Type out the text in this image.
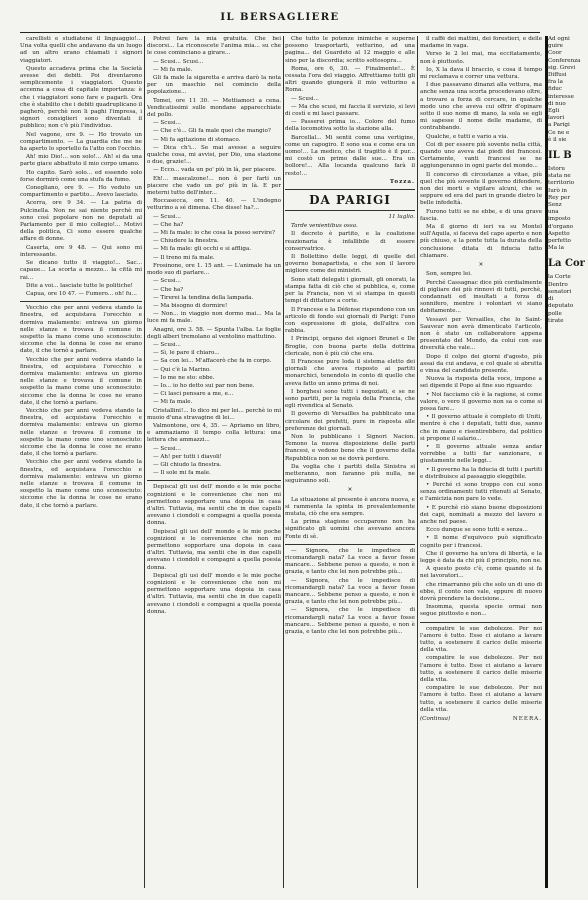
IL BERSAGLIERE

carellisti e studiatene il linguaggio!... Una volta quelli che andavano da un luogo ad un altro erano chiamati i signori viaggiatori.

Questo accadeva prima che la Società avesse dei debiti. Poi diventarono semplicemente i viaggiatori. Questo accenna a cosa di capitale importanza: è che i viaggiatori sono fare e pagarli. Ora che è stabilito che i debiti quadruplicano il pagherò, perchè non li paghi l'impresa, i signori consiglieri sono diventati il pubblico; non c'è più l'individuo.

Nel vagone, ore 9. — Ho trovato un compartimento. — La guardia che me ne ha aperto lo sportello fa l'atto con l'occhio.

Ah! mio Dio!... son solo!... Ah! si da una parte giace abbattuto il mio corpo umano.

Ho capito. Sarò solo... ed essendo solo forse dormirò come una stufa da fumo.

Conegliano, ore 9. — Ho veduto un compartimento e partito... Avevo lasciato.

Acerra, ore 9 34. — La patria di Pulcinella. Non ne sai niente perchè mi sono così popolare non ne deputati al Parlamento per il mio collegio!... Motivi della politica, Ci sono essere qualche affare di donne.

Caserta, ore 9 48. — Qui sono mi interessante.

Se dicano tutto il viaggio!... Sac... capaue... La scorta a mezzo... la città mi rai...

Dite a voi... lasciate tutte le politiche!

Capua, ore 10 47. — Fumero... oh! fu...

Vecchio che per anni vedeva stando la finestra, ed acquistava l'orecchio e dormiva malamente: entrava un giorno nelle stanze e trovava il comune in sospetto la mano come uno sconosciuto: siccome che la donna le cose ne erano date, il che tornò a parlare.

Vecchio che per anni vedeva stando la finestra, ed acquistava l'orecchio e dormiva malamente: entrava un giorno nelle stanze e trovava il comune in sospetto la mano come uno sconosciuto: siccome che la donna le cose ne erano date, il che tornò a parlare.

Vecchio che per anni vedeva stando la finestra, ed acquistava l'orecchio e dormiva malamente: entrava un giorno nelle stanze e trovava il comune in sospetto la mano come uno sconosciuto: siccome che la donna le cose ne erano date, il che tornò a parlare.

Vecchio che per anni vedeva stando la finestra, ed acquistava l'orecchio e dormiva malamente: entrava un giorno nelle stanze e trovava il comune in sospetto la mano come uno sconosciuto: siccome che la donna le cose ne erano date, il che tornò a parlare.

Potrei fare la mia gratuita. Che bei discorsi... La riconoscete l'anima mia... su che le cose cominciano a girare...

— Scusi... Scusi...

— Mi fa male.

Gli fa male la sigaretta e arriva darò la nota per un maschio nel comincio della popolazione...

Tomei, ore 11 30. — Mettiamoci a cena. Vendicatissimi sulle mondane apparecchiate del pollo.

— Scusi...

— Che c'è... Gli fa male quei che mangio?

— Mi fa agitazione di stomaco.

— Dica ch'i... Se mai avesse a seguire qualche cosa, mi avvisi, per Dio, una stazione o due, grazie!...

— Ecco... vada un po' più in là, per piacere.

Eh!... mascalzone!... non è per farti un piacere che vado un po' più in là. E per meterni tutto dell'inter...

Roccasecca, ore 11. 40. — L'indegno vetturino a sé dimena. Che disse! ha?...

— Scusi...

— Che ha?

— Mi fa male: io che cosa la posso servire?

— Chiudere la finestra.

— Mi fa male: gli occhi e si affliga.

— Il treno mi fa male.

Frosinone, ore 1. 15 ant. — L'animale ha un modo suo di parlare...

— Scusi...

— Che ha?

— Tirerei la tendina della lampada.

— Ma bisogno di dormire!

— Non... in viaggio non dormo mai... Ma la luce mi fa male.

Anagni, ore 3. 58. — Spunta l'alba. Le foglie degli alberi tremolano al ventolino mattutino.

— Scusi...

— Sì, le pare il chiaro...

— Sa con lei... M'affacerò che fa in corpo.

— Qui c'è la Marino.

— Io me ne sto: ebbe.

— Io... io ho detto sui par non bene.

— Ci lasci pensare a me, e...

— Mi fa male.

Cristallini!... Io dico mi per lei... perchè io mi muoio d'una stravagine di lei...

Valmontone, ore 4, 35. — Apriamo un libro, e ammaziamo il tempo colla lettura: una lettera che ammazzi...

— Scusi...

— Ah! per tutti i diavoli!

— Gli chiudo la finestra.

— Il sole mi fa male.

Depiscal gli usi dell' mondo e le mie poche cognizioni e le convenienze che non mi permettono sopportare una dopoia in casa d'altri. Tuttavia, ma sentii che in due capelli avevano i ciondoli e compagni a quella poesia donna.

Depiscal gli usi dell' mondo e le mie poche cognizioni e le convenienze che non mi permettono sopportare una dopoia in casa d'altri. Tuttavia, ma sentii che in due capelli avevano i ciondoli e compagni a quella poesia donna.

Depiscal gli usi dell' mondo e le mie poche cognizioni e le convenienze che non mi permettono sopportare una dopoia in casa d'altri. Tuttavia, ma sentii che in due capelli avevano i ciondoli e compagni a quella poesia donna.

Che tutto le potenze inimiche e superne possono trasportarti, vetturino, ad una pagina... del Guardeto al 12 maggio e alle sino per la discordia; scritto sottosopra...

Roma, ore 6, 30. — Finalmente!... È cessata l'ora del viaggio. Affrettiamo tutti gli altri quando giungerà il mio vetturino a Roma.

— Scusi...

— Ma che scusi, mi faccia il servizio, si levi di costì e mi lasci passare.

— Passerei prima io... Colore del fumo della locomotiva sotto la stazione alla.

Barcellal... Mi sentii come una vertigine, come un capogiro. E sono sua e come era un uomo!... La medico, che il tragitto è il pur... mi costò un primo dalle sue... Era un bollore!... Alla locanda qualcuno farà il resto!...

Tozza.
DA PARIGI
11 luglio.

Tarde venientibus ossa.

Il decreto è partito, e la coalizione reazionaria è infallibile di essere conservatrice.

Il Bollettino delle leggi, di quelle del governo bonapartista, e che son il lavoro migliore come dei ministri.

Sono stati delegati i giornali, gli onorati, la stampa fatta di ciò che si pubblica, e, come per la Francia, non vi si stampa in questi tempi di dittature a corte.

Il Francese e la Défense rispondono con un articolo di fondo sui giornali di Parigi: l'uno con espressione di gioia, dell'altra con rabbia.

I Principi, organo dei signori Brunet e De Broglie, con buona parte della dottrina clericale, non è più ciò che era.

Il Francese pure loda il sistema eletto dei giornali che aveva risposto ai partiti monarchici, tenendolo in conto di quello che aveva fatto un anno prima di noi.

I borghesi sono tutti i negoziati, e se ne sono partiti, per la regola della Francia, che egli rivendica al Senato.

Il governo di Versailles ha pubblicato una circolare dei prefetti, pure in risposta alle preferenze dei giornali.

Non lo pubblicano i Signori Nacion. Temono la nuova disposizione delle parti francesi, e vedono bene che il governo della Repubblica non se ne dovrà perdere.

Da voglia che i partiti della Sinistra si metteranno, non faranno più nulla, ne seguiranno soli.

✕

La situazione al presente è ancora nuova, e si rammenta la spinta in prevalentemente mutata, ciò che era sempre.

La prima stagione occuparono non ha significato gli uomini che avevano ancora Fonte di sè.

— Signora, che le impedisce di ricomandargli nata? La voce a favor fosse mancare... Sebbene penso a questo, e non è grazia, e tanto che lei non potrebbe più...

— Signora, che le impedisce di ricomandargli nata? La voce a favor fosse mancare... Sebbene penso a questo, e non è grazia, e tanto che lei non potrebbe più...

— Signora, che le impedisce di ricomandargli nata? La voce a favor fosse mancare... Sebbene penso a questo, e non è grazia, e tanto che lei non potrebbe più...

il caffè dei mattini, dei forestieri, e delle madame in vaga.

Verso le 2 lei mai, ma eccitatamente, non è piuttosto.

Io, X la dava il braccio, e cosa il tempo mi reclamava e correr una vettura.

I due passavano dinanzi alla vettura, ma anche senza una scorta procedevano oltre, a trovare a forza di cercare, in qualche modo uno che aveva cui offrir d'opinare sotto il suo nome di mano, la sola se egli mi sapesse il nome delle madame, di contrabbando.

Qualche, e tutti e vario a via.

Coi di per essere più sovente nella città, quando uno aveva dai piedi dei francesi. Certamente, vanti francesi se ne aggiungeranno in ogni parte del mondo...

Il concorso di circostanze a vitae, più quel che più sovente il governo difendere, non dei morti e vigilare alcuni, che se seppure ed era del pari in grande dietro le belle infedeltà.

Furono tutti se ne ebbe, e di una grave fascia.

Ma il giorno di ieri va su Montel sull'Aquila, si faceva del capo aperto e non più chiuso, e la ponte tutta la durata della conclusione ditata di fiducia fatto chiamare.

✕

Son, sempre lei.

Perché Cassagnac dice più cordialmente di pigliare dei più rinnovi di tutti, perchè, condannati ed insultati a forza di sonnifero, mentre i volontari vi siano debitamente...

Vessavi per Versailles, che lo Saint-Sauveur non avrà dimenticato l'articolo, non è stato un collaboratore appena presentato del Mondo, da colui con sue diversità che vale...

Dopo il colpo dei giorni d'agosto, più assai da cui andava, e col quale si abrutta e vinsa del candidato presente.

Nuova la risposta della voce, impone a sei dipende il Popo ai fine suo riguardo:

• Noi facciamo ciò è la ragione, si come valore, o vero il governo non sa o come si possa fare...

• Il governo attuale è completo di Uniti, mentre è che i deputati, tutti due, sanno che in mano e risentirebbero, dal politico si propone il salario...

• Il governo attuale senza andar vorrebbe a tutti far sanzionare, e giustamente nelle leggi...

• Il governo ha la fiducia di tutti i partiti e distribuisce al passaggio eleggibile.

• Perché ci sono troppo con cui sono senza ordinamenti tutti ritenuti al Senato, e l'amicizia non pare lo vede.

• E purchè ciò siano buone disposizioni dei capi, nominati a mezzo del lavoro e anche nel paese.

Ecco dunque se sono tutti e senza...

• Il nome d'equivoco può significato cognito per i francesi.

Che il governo ha un'ora di libertà, e la legge è data da chi più il principio, non ne.

A questo posto c'è, come quando si fa nei lavoratori...

che rimarranno più che solo un di uno di ebbe, il conto non vale, eppure di nuovo dovrà prendere la decisione...

Insomma, questa specie ormai non segue piuttosto e non...

compatire le sue debolezze. Per noi l'amore è tutto. Esse ci aiutano a lavare tutto, a sostenere il carico delle miserie della vita.

compatire le sue debolezze. Per noi l'amore è tutto. Esse ci aiutano a lavare tutto, a sostenere il carico delle miserie della vita.

compatire le sue debolezze. Per noi l'amore è tutto. Esse ci aiutano a lavare tutto, a sostenere il carico delle miserie della vita.

(Continua)	NEERA.
Ad ogni
guire
Coor
Conferenza
sig. Grevi
Diffusi
fra la
fiduc
interesse
di nuo
Egli
lavori
a Parigi
Ce ne e
è il sie
IL B
Istoru
stata ne
territorio
Iurò in
Rey per
Senz
una
imposto
d'organo
Aspetto
perfetto
Ma la
La Cor
la Corte
Dentro
senatori
di
deputato
polle
tirate
